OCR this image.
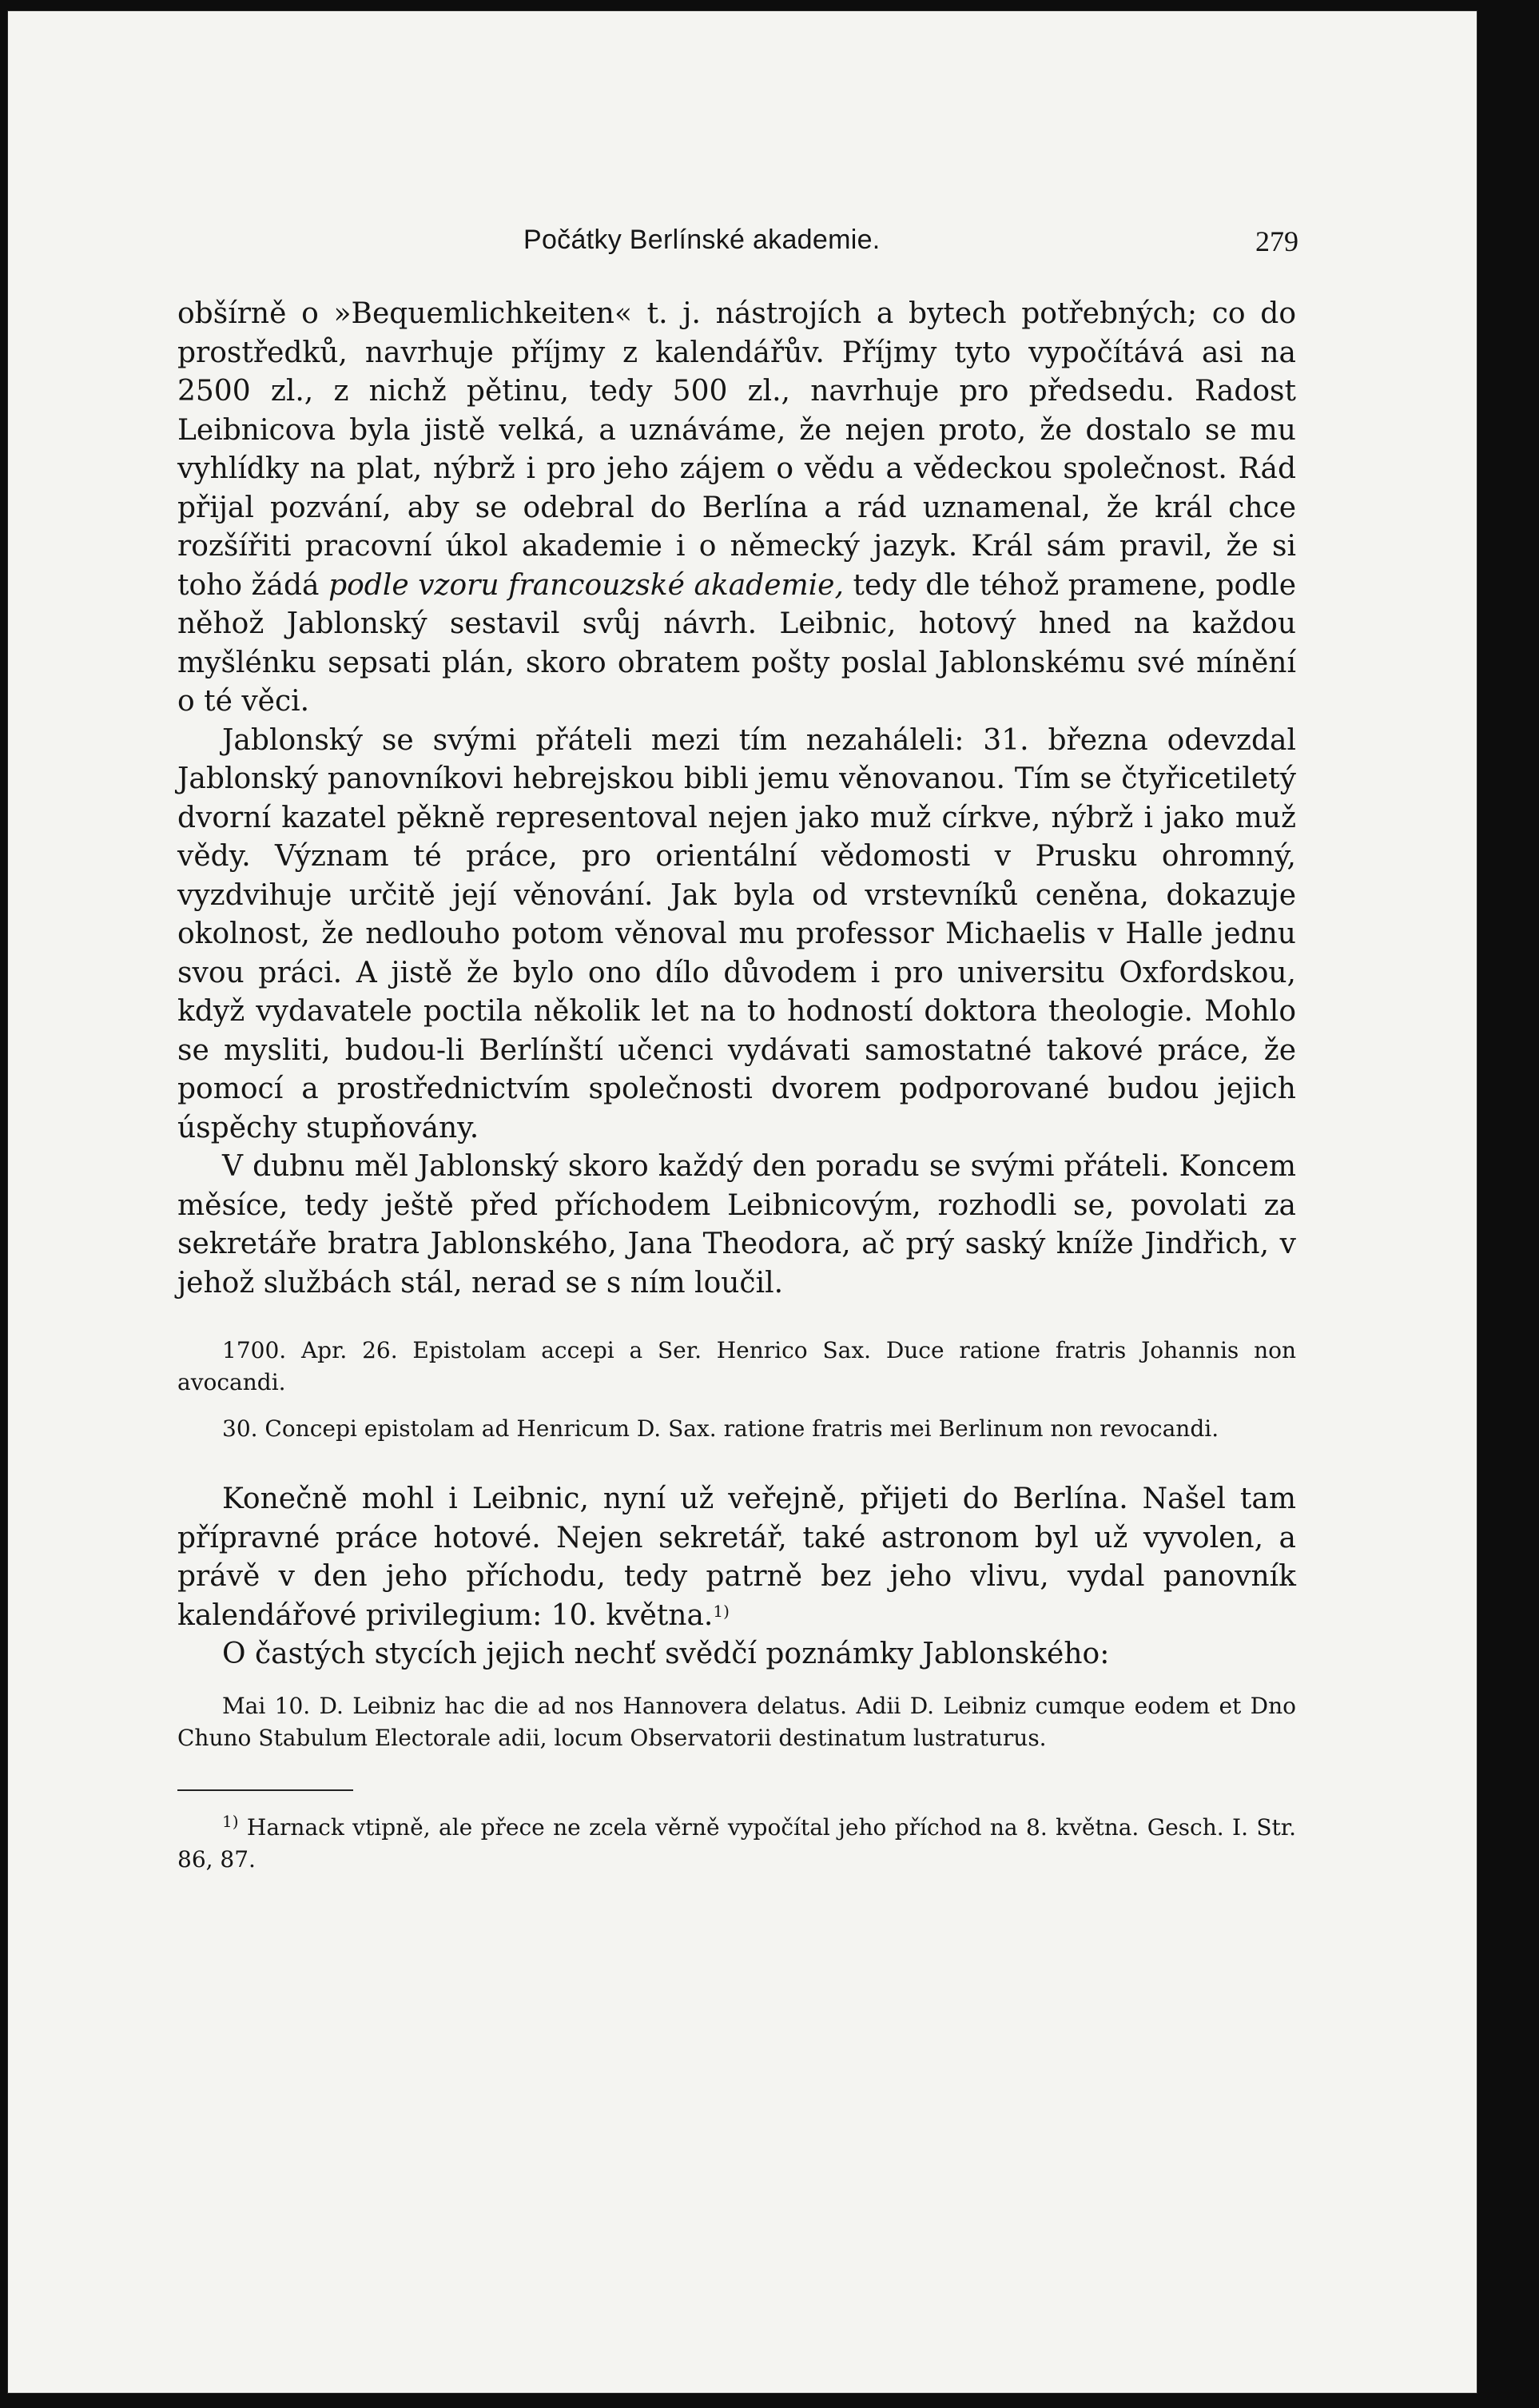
Počátky Berlínské akademie.	279

obšírně o »Bequemlichkeiten« t. j. nástrojích a bytech potřebných; co do prostředků, navrhuje příjmy z kalendářův. Příjmy tyto vypočítává asi na 2500 zl., z nichž pětinu, tedy 500 zl., navrhuje pro předsedu. Radost Leibnicova byla jistě velká, a uznáváme, že nejen proto, že dostalo se mu vyhlídky na plat, nýbrž i pro jeho zájem o vědu a vědeckou společnost. Rád přijal pozvání, aby se odebral do Berlína a rád uznamenal, že král chce rozšířiti pracovní úkol akademie i o německý jazyk. Král sám pravil, že si toho žádá podle vzoru francouzské akademie, tedy dle téhož pramene, podle něhož Jablonský sestavil svůj návrh. Leibnic, hotový hned na každou myšlénku sepsati plán, skoro obratem pošty poslal Jablonskému své mínění o té věci.

Jablonský se svými přáteli mezi tím nezaháleli: 31. března odevzdal Jablonský panovníkovi hebrejskou bibli jemu věnovanou. Tím se čtyřicetiletý dvorní kazatel pěkně representoval nejen jako muž církve, nýbrž i jako muž vědy. Význam té práce, pro orientální vědomosti v Prusku ohromný, vyzdvihuje určitě její věnování. Jak byla od vrstevníků ceněna, dokazuje okolnost, že nedlouho potom věnoval mu professor Michaelis v Halle jednu svou práci. A jistě že bylo ono dílo důvodem i pro universitu Oxfordskou, když vydavatele poctila několik let na to hodností doktora theologie. Mohlo se mysliti, budou-li Berlínští učenci vydávati samostatné takové práce, že pomocí a prostřednictvím společnosti dvorem podporované budou jejich úspěchy stupňovány.

V dubnu měl Jablonský skoro každý den poradu se svými přáteli. Koncem měsíce, tedy ještě před příchodem Leibnicovým, rozhodli se, povolati za sekretáře bratra Jablonského, Jana Theodora, ač prý saský kníže Jindřich, v jehož službách stál, nerad se s ním loučil.

1700. Apr. 26. Epistolam accepi a Ser. Henrico Sax. Duce ratione fratris Johannis non avocandi.

30. Concepi epistolam ad Henricum D. Sax. ratione fratris mei Berlinum non revocandi.

Konečně mohl i Leibnic, nyní už veřejně, přijeti do Berlína. Našel tam přípravné práce hotové. Nejen sekretář, také astronom byl už vyvolen, a právě v den jeho příchodu, tedy patrně bez jeho vlivu, vydal panovník kalendářové privilegium: 10. května.$^{1)}$

O častých stycích jejich nechť svědčí poznámky Jablonského:

Mai 10. D. Leibniz hac die ad nos Hannovera delatus. Adii D. Leibniz cumque eodem et Dno Chuno Stabulum Electorale adii, locum Observatorii destinatum lustraturus.

$^{1)}$ Harnack vtipně, ale přece ne zcela věrně vypočítal jeho příchod na 8. května. Gesch. I. Str. 86, 87.
